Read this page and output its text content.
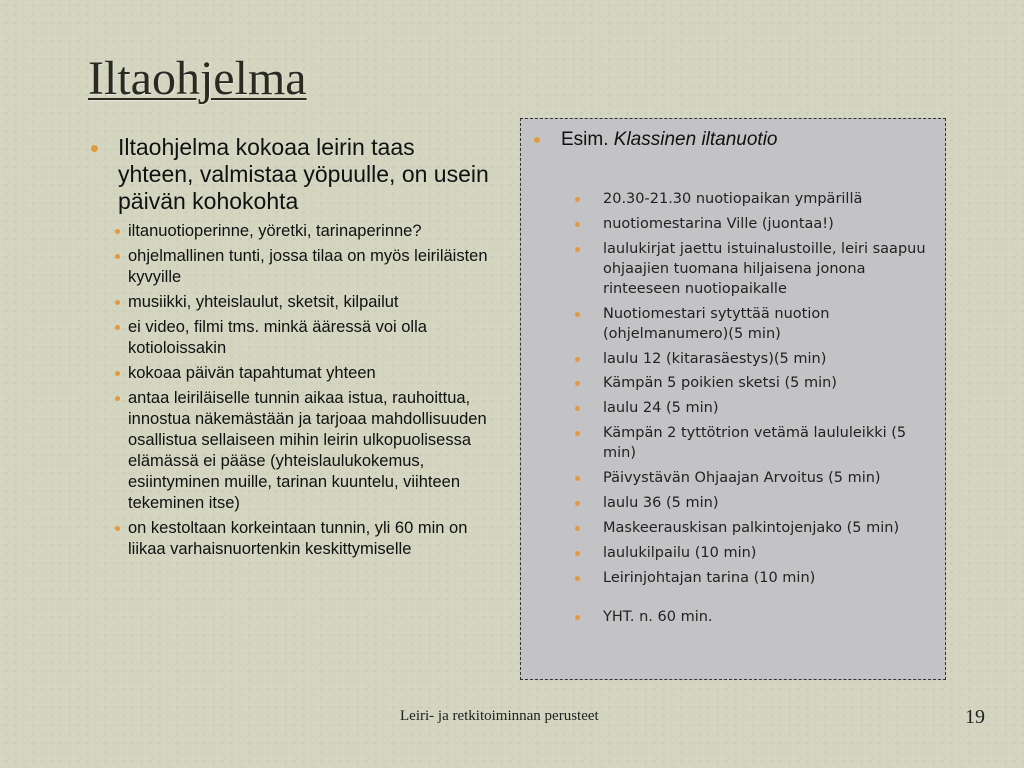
Iltaohjelma
Iltaohjelma kokoaa leirin taas yhteen, valmistaa yöpuulle, on usein päivän kohokohta
iltanuotioperinne, yöretki, tarinaperinne?
ohjelmallinen tunti, jossa tilaa on myös leiriläisten kyvyille
musiikki, yhteislaulut, sketsit, kilpailut
ei video, filmi tms. minkä ääressä voi olla kotioloissakin
kokoaa päivän tapahtumat yhteen
antaa leiriläiselle tunnin aikaa istua, rauhoittua, innostua näkemästään ja tarjoaa mahdollisuuden osallistua sellaiseen mihin leirin ulkopuolisessa elämässä ei pääse (yhteislaulukokemus, esiintyminen muille, tarinan kuuntelu, viihteen tekeminen itse)
on kestoltaan korkeintaan tunnin, yli 60 min on liikaa varhaisnuortenkin keskittymiselle
Esim. Klassinen iltanuotio
20.30-21.30 nuotiopaikan ympärillä
nuotiomestarina Ville (juontaa!)
laulukirjat jaettu istuinalustoille, leiri saapuu ohjaajien tuomana hiljaisena jonona rinteeseen nuotiopaikalle
Nuotiomestari sytyttää nuotion (ohjelmanumero)(5 min)
laulu 12 (kitarasäestys)(5 min)
Kämpän 5 poikien sketsi (5 min)
laulu 24 (5 min)
Kämpän 2 tyttötrion vetämä laululeikki (5 min)
Päivystävän Ohjaajan Arvoitus (5 min)
laulu 36 (5 min)
Maskeerauskisan palkintojenjako (5 min)
laulukilpailu (10 min)
Leirinjohtajan tarina (10 min)
YHT. n. 60 min.
Leiri- ja retkitoiminnan perusteet	19
